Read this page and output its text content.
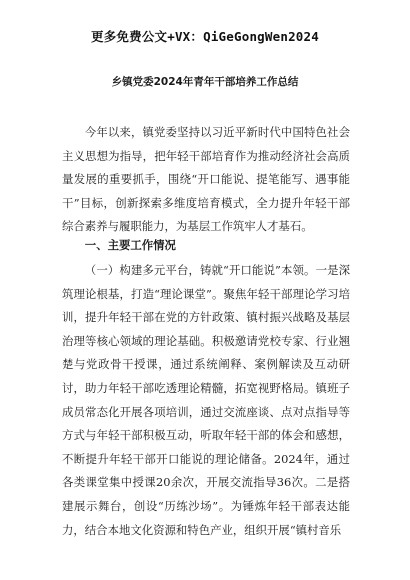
更多免费公文+VX：QiGeGongWen2024
乡镇党委2024年青年干部培养工作总结
今年以来，镇党委坚持以习近平新时代中国特色社会主义思想为指导，把年轻干部培育作为推动经济社会高质量发展的重要抓手，围绕“开口能说、提笔能写、遇事能干”目标，创新探索多维度培育模式，全力提升年轻干部综合素养与履职能力，为基层工作筑牢人才基石。
一、主要工作情况
（一）构建多元平台，铸就“开口能说”本领。一是深筑理论根基，打造“理论课堂”。聚焦年轻干部理论学习培训，提升年轻干部在党的方针政策、镇村振兴战略及基层治理等核心领域的理论基础。积极邀请党校专家、行业翘楚与党政骨干授课，通过系统阐释、案例解读及互动研讨，助力年轻干部吃透理论精髓，拓宽视野格局。镇班子成员常态化开展各项培训，通过交流座谈、点对点指导等方式与年轻干部积极互动，听取年轻干部的体会和感想，不断提升年轻干部开口能说的理论储备。2024年，通过各类课堂集中授课20余次，开展交流指导36次。二是搭建展示舞台，创设“历练沙场”。为锤炼年轻干部表达能力，结合本地文化资源和特色产业，组织开展“镇村音乐
